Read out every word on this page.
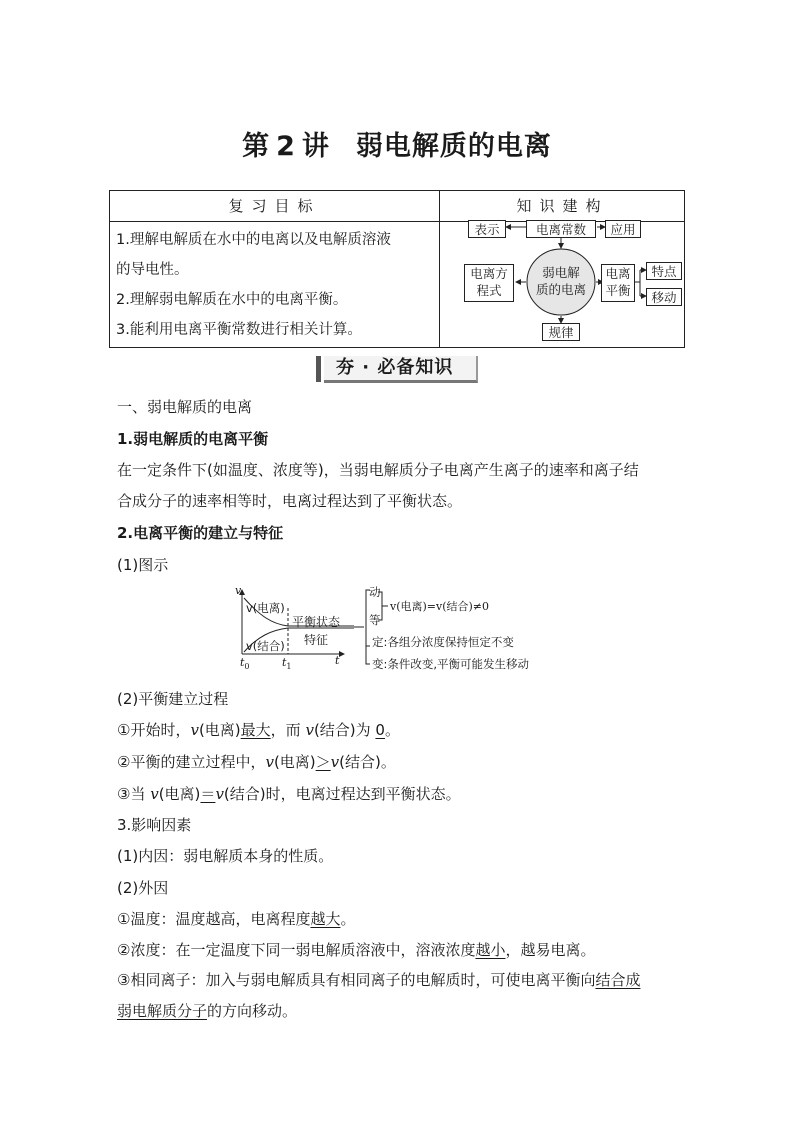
第 2 讲 弱电解质的电离
复习目标	知识建构
1.理解电解质在水中的电离以及电解质溶液
的导电性。
2.理解弱电解质在水中的电离平衡。
3.能利用电离平衡常数进行相关计算。
表示	电离常数	应用
电离方
程式
弱电解
质的电离
电离
平衡
特点
移动
规律
夯 · 必备知识
一、弱电解质的电离
1.弱电解质的电离平衡
在一定条件下(如温度、浓度等)，当弱电解质分子电离产生离子的速率和离子结
合成分子的速率相等时，电离过程达到了平衡状态。
2.电离平衡的建立与特征
(1)图示
v
t
$t_0$	$t_1$
v(电离)
v(结合)
平衡状态
特征
动
等
v(电离)=v(结合)≠0
定:各组分浓度保持恒定不变
变:条件改变,平衡可能发生移动
(2)平衡建立过程
①开始时，v(电离)最大，而 v(结合)为 0。
②平衡的建立过程中，v(电离)＞v(结合)。
③当 v(电离)＝v(结合)时，电离过程达到平衡状态。
3.影响因素
(1)内因：弱电解质本身的性质。
(2)外因
①温度：温度越高，电离程度越大。
②浓度：在一定温度下同一弱电解质溶液中，溶液浓度越小，越易电离。
③相同离子：加入与弱电解质具有相同离子的电解质时，可使电离平衡向结合成
弱电解质分子的方向移动。
